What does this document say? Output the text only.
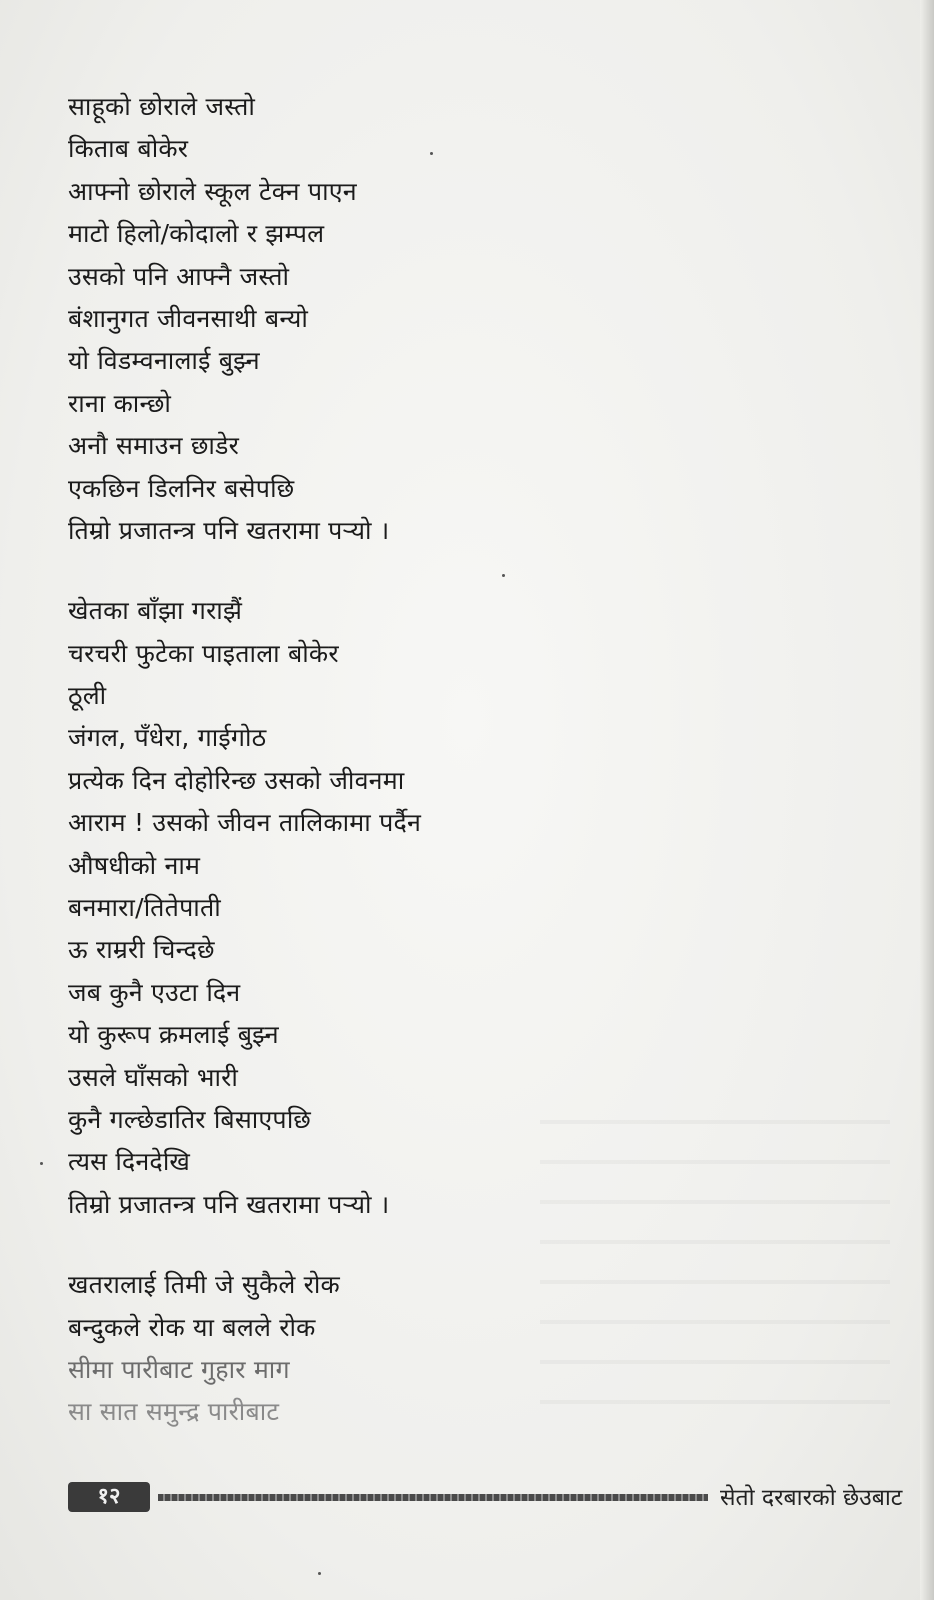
साहूको छोराले जस्तो
किताब बोकेर
आफ्नो छोराले स्कूल टेक्न पाएन
माटो हिलो/कोदालो र झम्पल
उसको पनि आफ्नै जस्तो
बंशानुगत जीवनसाथी बन्यो
यो विडम्वनालाई बुझ्न
राना कान्छो
अनौ समाउन छाडेर
एकछिन डिलनिर बसेपछि
तिम्रो प्रजातन्त्र पनि खतरामा पर्‍यो ।
खेतका बाँझा गराझैं
चरचरी फुटेका पाइताला बोकेर
ठूली
जंगल, पँधेरा, गाईगोठ
प्रत्येक दिन दोहोरिन्छ उसको जीवनमा
आराम ! उसको जीवन तालिकामा पर्दैन
औषधीको नाम
बनमारा/तितेपाती
ऊ राम्ररी चिन्दछे
जब कुनै एउटा दिन
यो कुरूप क्रमलाई बुझ्न
उसले घाँसको भारी
कुनै गल्छेडातिर बिसाएपछि
त्यस दिनदेखि
तिम्रो प्रजातन्त्र पनि खतरामा पर्‍यो ।
खतरालाई तिमी जे सुकैले रोक
बन्दुकले रोक या बलले रोक
सीमा पारीबाट गुहार माग
सा सात समुन्द्र पारीबाट
१२	सेतो दरबारको छेउबाट
